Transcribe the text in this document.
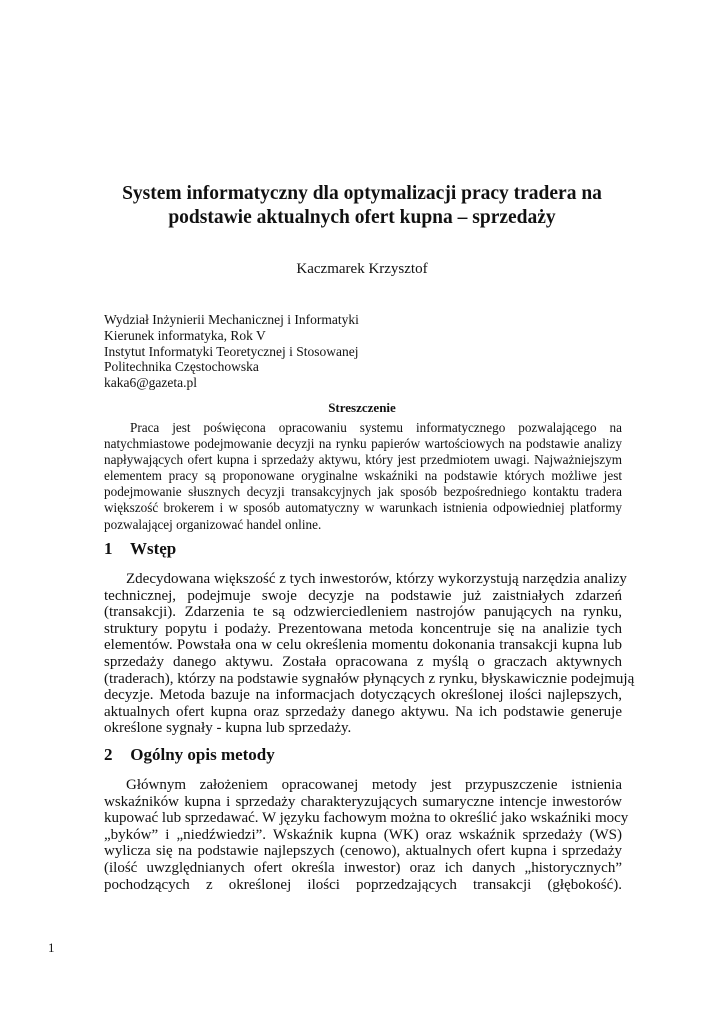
System informatyczny dla optymalizacji pracy tradera na
podstawie aktualnych ofert kupna – sprzedaży
Kaczmarek Krzysztof
Wydział Inżynierii Mechanicznej i Informatyki
Kierunek informatyka, Rok V
Instytut Informatyki Teoretycznej i Stosowanej
Politechnika Częstochowska
kaka6@gazeta.pl
Streszczenie
Praca jest poświęcona opracowaniu systemu informatycznego pozwalającego na
natychmiastowe podejmowanie decyzji na rynku papierów wartościowych na podstawie analizy
napływających ofert kupna i sprzedaży aktywu, który jest przedmiotem uwagi. Najważniejszym
elementem pracy są proponowane oryginalne wskaźniki na podstawie których możliwe jest
podejmowanie słusznych decyzji transakcyjnych jak sposób bezpośredniego kontaktu tradera
większość brokerem i w sposób automatyczny w warunkach istnienia odpowiedniej platformy
pozwalającej organizować handel online.
1 Wstęp
Zdecydowana większość z tych inwestorów, którzy wykorzystują narzędzia analizy
technicznej, podejmuje swoje decyzje na podstawie już zaistniałych zdarzeń
(transakcji). Zdarzenia te są odzwierciedleniem nastrojów panujących na rynku,
struktury popytu i podaży. Prezentowana metoda koncentruje się na analizie tych
elementów. Powstała ona w celu określenia momentu dokonania transakcji kupna lub
sprzedaży danego aktywu. Została opracowana z myślą o graczach aktywnych
(traderach), którzy na podstawie sygnałów płynących z rynku, błyskawicznie podejmują
decyzje. Metoda bazuje na informacjach dotyczących określonej ilości najlepszych,
aktualnych ofert kupna oraz sprzedaży danego aktywu. Na ich podstawie generuje
określone sygnały - kupna lub sprzedaży.
2 Ogólny opis metody
Głównym założeniem opracowanej metody jest przypuszczenie istnienia
wskaźników kupna i sprzedaży charakteryzujących sumaryczne intencje inwestorów
kupować lub sprzedawać. W języku fachowym można to określić jako wskaźniki mocy
„byków” i „niedźwiedzi”. Wskaźnik kupna (WK) oraz wskaźnik sprzedaży (WS)
wylicza się na podstawie najlepszych (cenowo), aktualnych ofert kupna i sprzedaży
(ilość uwzględnianych ofert określa inwestor) oraz ich danych „historycznych”
pochodzących z określonej ilości poprzedzających transakcji (głębokość).
1
